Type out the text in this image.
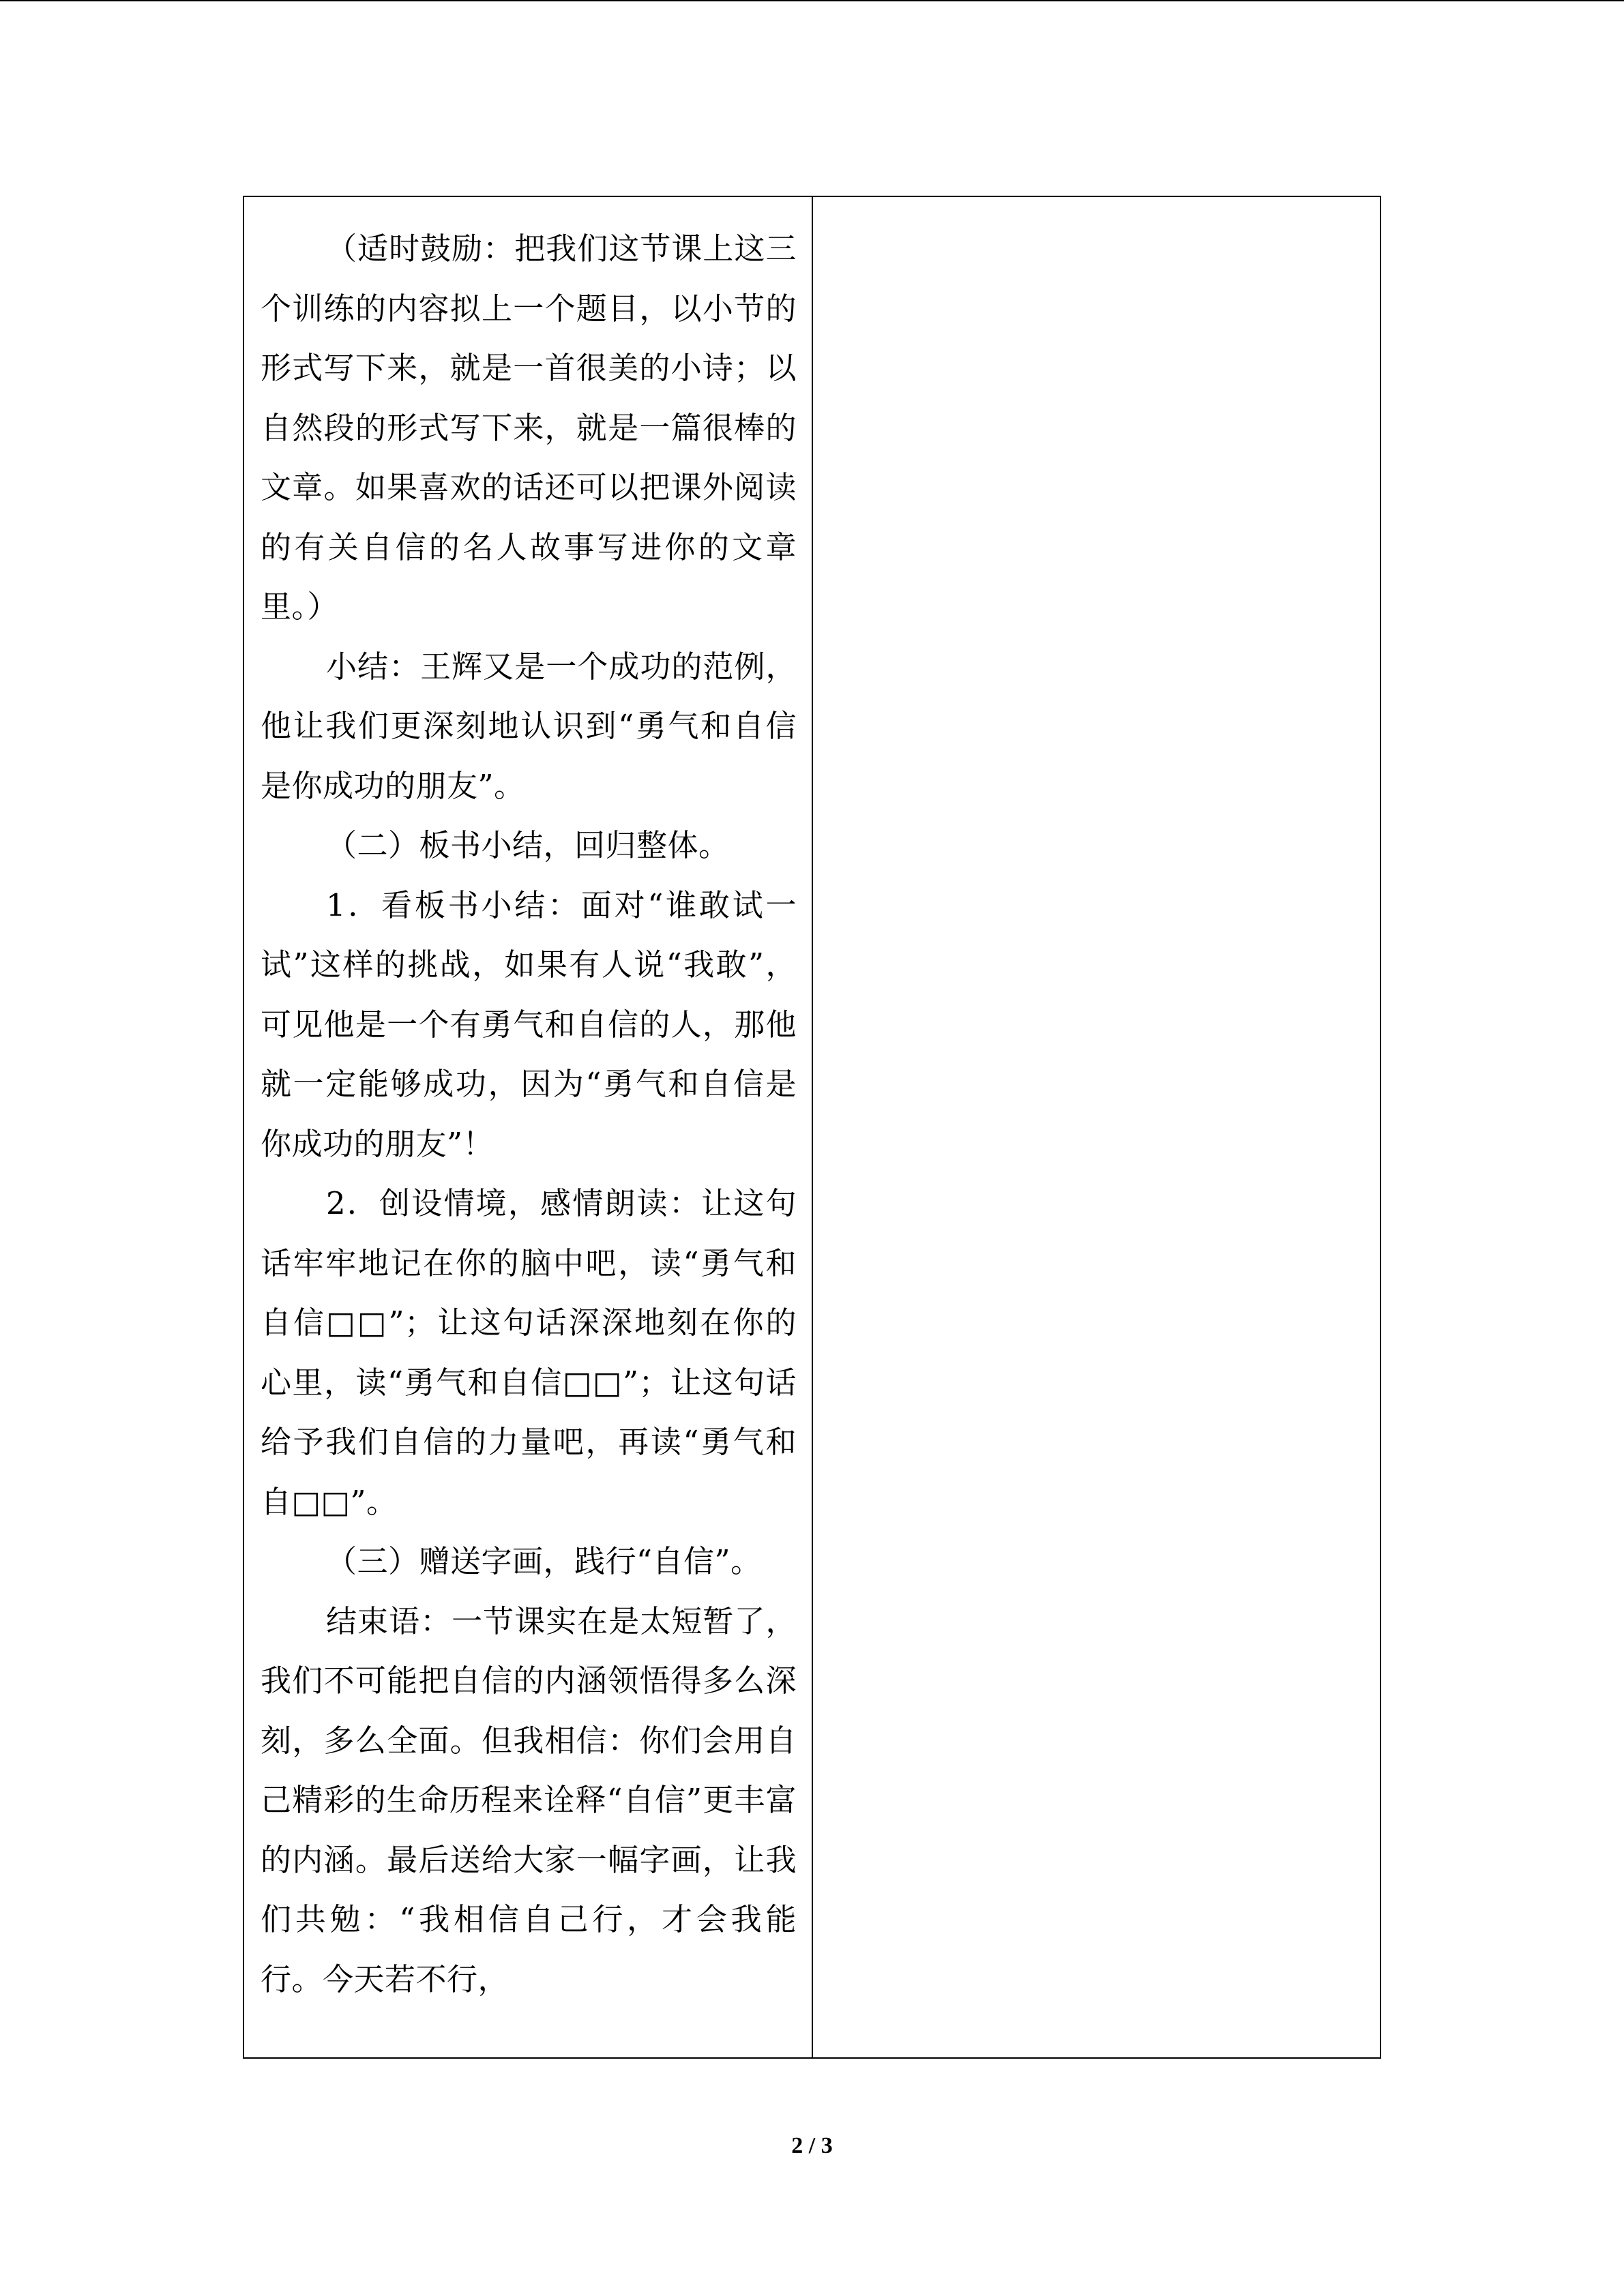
（适时鼓励：把我们这节课上这三个训练的内容拟上一个题目，以小节的形式写下来，就是一首很美的小诗；以自然段的形式写下来，就是一篇很棒的文章。如果喜欢的话还可以把课外阅读的有关自信的名人故事写进你的文章里。）

小结：王辉又是一个成功的范例，他让我们更深刻地认识到“勇气和自信是你成功的朋友”。

（二）板书小结，回归整体。

1．看板书小结：面对“谁敢试一试”这样的挑战，如果有人说“我敢”，可见他是一个有勇气和自信的人，那他就一定能够成功，因为“勇气和自信是你成功的朋友”！

2．创设情境，感情朗读：让这句话牢牢地记在你的脑中吧，读“勇气和自信□□”；让这句话深深地刻在你的心里，读“勇气和自信□□”；让这句话给予我们自信的力量吧，再读“勇气和自□□”。

（三）赠送字画，践行“自信”。

结束语：一节课实在是太短暂了，我们不可能把自信的内涵领悟得多么深刻，多么全面。但我相信：你们会用自己精彩的生命历程来诠释“自信”更丰富的内涵。最后送给大家一幅字画，让我们共勉：“我相信自己行，才会我能行。今天若不行，

2 / 3
